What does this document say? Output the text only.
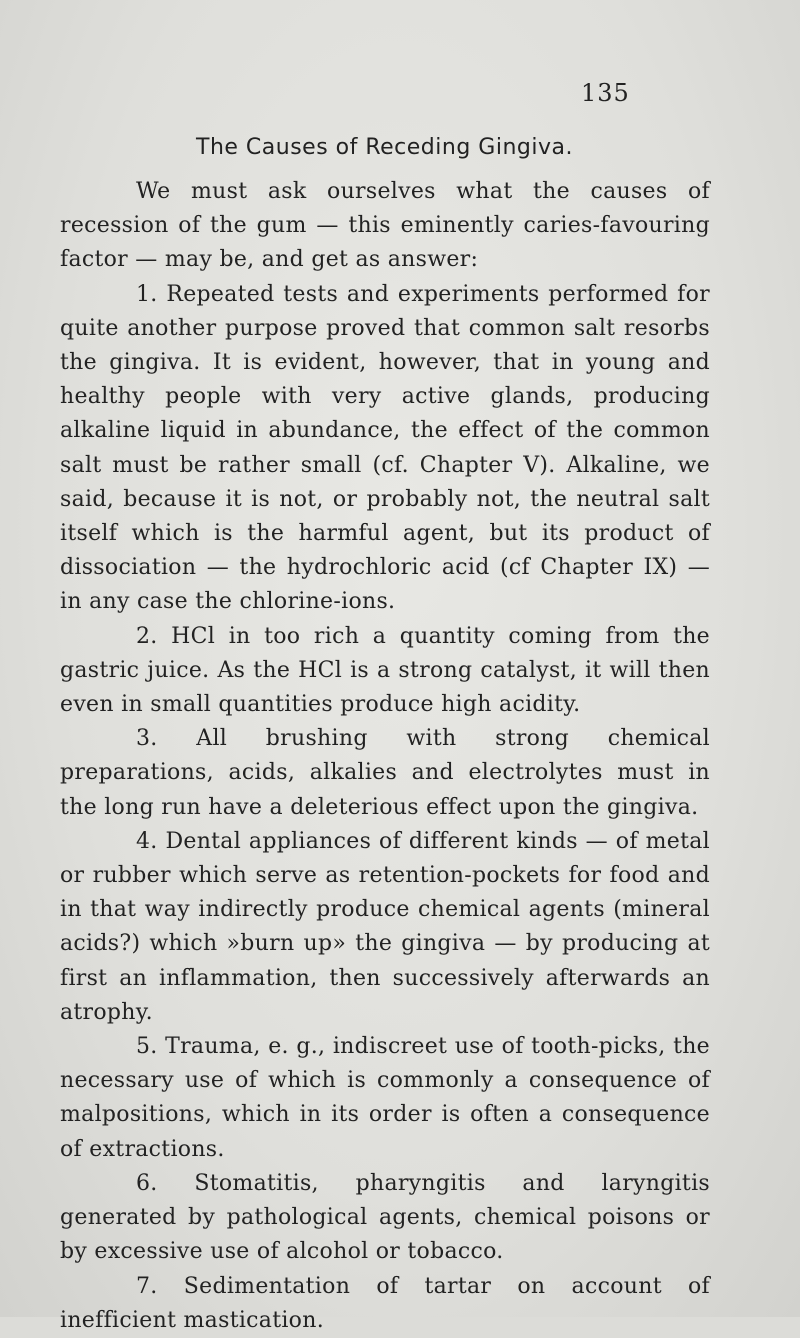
135
The Causes of Receding Gingiva.

We must ask ourselves what the causes of recession of the gum — this eminently caries-favouring factor — may be, and get as answer:

1. Repeated tests and experiments performed for quite another purpose proved that common salt resorbs the gingiva. It is evident, however, that in young and healthy people with very active glands, producing alkaline liquid in abundance, the effect of the common salt must be rather small (cf. Chapter V). Alkaline, we said, because it is not, or probably not, the neutral salt itself which is the harmful agent, but its product of dissociation — the hydrochloric acid (cf Chapter IX) — in any case the chlorine-ions.

2. HCl in too rich a quantity coming from the gastric juice. As the HCl is a strong catalyst, it will then even in small quantities produce high acidity.

3. All brushing with strong chemical preparations, acids, alkalies and electrolytes must in the long run have a deleterious effect upon the gingiva.

4. Dental appliances of different kinds — of metal or rubber which serve as retention-pockets for food and in that way indirectly produce chemical agents (mineral acids?) which »burn up» the gingiva — by producing at first an inflammation, then successively afterwards an atrophy.

5. Trauma, e. g., indiscreet use of tooth-picks, the necessary use of which is commonly a consequence of malpositions, which in its order is often a consequence of extractions.

6. Stomatitis, pharyngitis and laryngitis generated by pathological agents, chemical poisons or by excessive use of alcohol or tobacco.

7. Sedimentation of tartar on account of inefficient mastication.
